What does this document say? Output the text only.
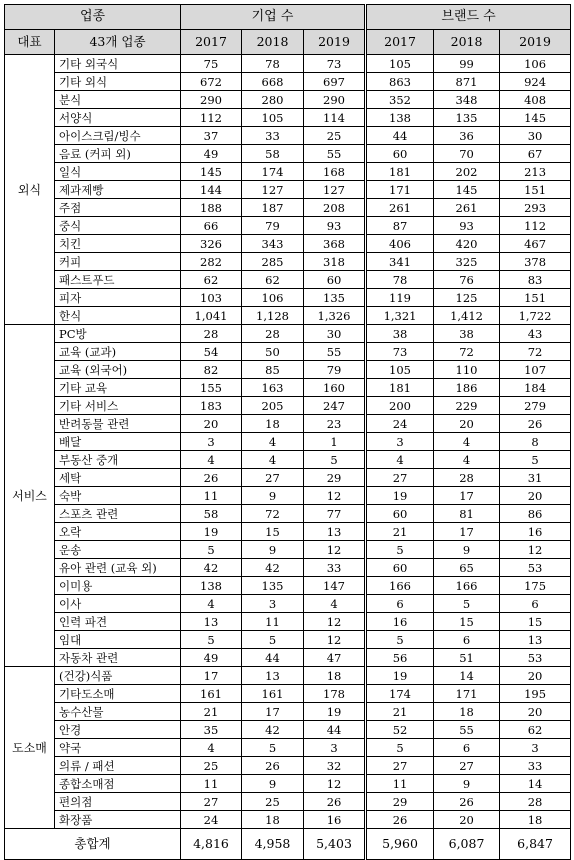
업종		기업 수			브랜드 수		
대표	43개 업종	2017	2018	2019	2017	2018	2019
외식	기타 외국식	75	78	73	105	99	106
	기타 외식	672	668	697	863	871	924
	분식	290	280	290	352	348	408
	서양식	112	105	114	138	135	145
	아이스크림/빙수	37	33	25	44	36	30
	음료 (커피 외)	49	58	55	60	70	67
	일식	145	174	168	181	202	213
	제과제빵	144	127	127	171	145	151
	주점	188	187	208	261	261	293
	중식	66	79	93	87	93	112
	치킨	326	343	368	406	420	467
	커피	282	285	318	341	325	378
	패스트푸드	62	62	60	78	76	83
	피자	103	106	135	119	125	151
	한식	1,041	1,128	1,326	1,321	1,412	1,722
서비스	PC방	28	28	30	38	38	43
	교육 (교과)	54	50	55	73	72	72
	교육 (외국어)	82	85	79	105	110	107
	기타 교육	155	163	160	181	186	184
	기타 서비스	183	205	247	200	229	279
	반려동물 관련	20	18	23	24	20	26
	배달	3	4	1	3	4	8
	부동산 중개	4	4	5	4	4	5
	세탁	26	27	29	27	28	31
	숙박	11	9	12	19	17	20
	스포츠 관련	58	72	77	60	81	86
	오락	19	15	13	21	17	16
	운송	5	9	12	5	9	12
	유아 관련 (교육 외)	42	42	33	60	65	53
	이미용	138	135	147	166	166	175
	이사	4	3	4	6	5	6
	인력 파견	13	11	12	16	15	15
	임대	5	5	12	5	6	13
	자동차 관련	49	44	47	56	51	53
도소매	(건강)식품	17	13	18	19	14	20
	기타도소매	161	161	178	174	171	195
	농수산물	21	17	19	21	18	20
	안경	35	42	44	52	55	62
	약국	4	5	3	5	6	3
	의류 / 패션	25	26	32	27	27	33
	종합소매점	11	9	12	11	9	14
	편의점	27	25	26	29	26	28
	화장품	24	18	16	26	20	18
총합계		4,816	4,958	5,403	5,960	6,087	6,847
